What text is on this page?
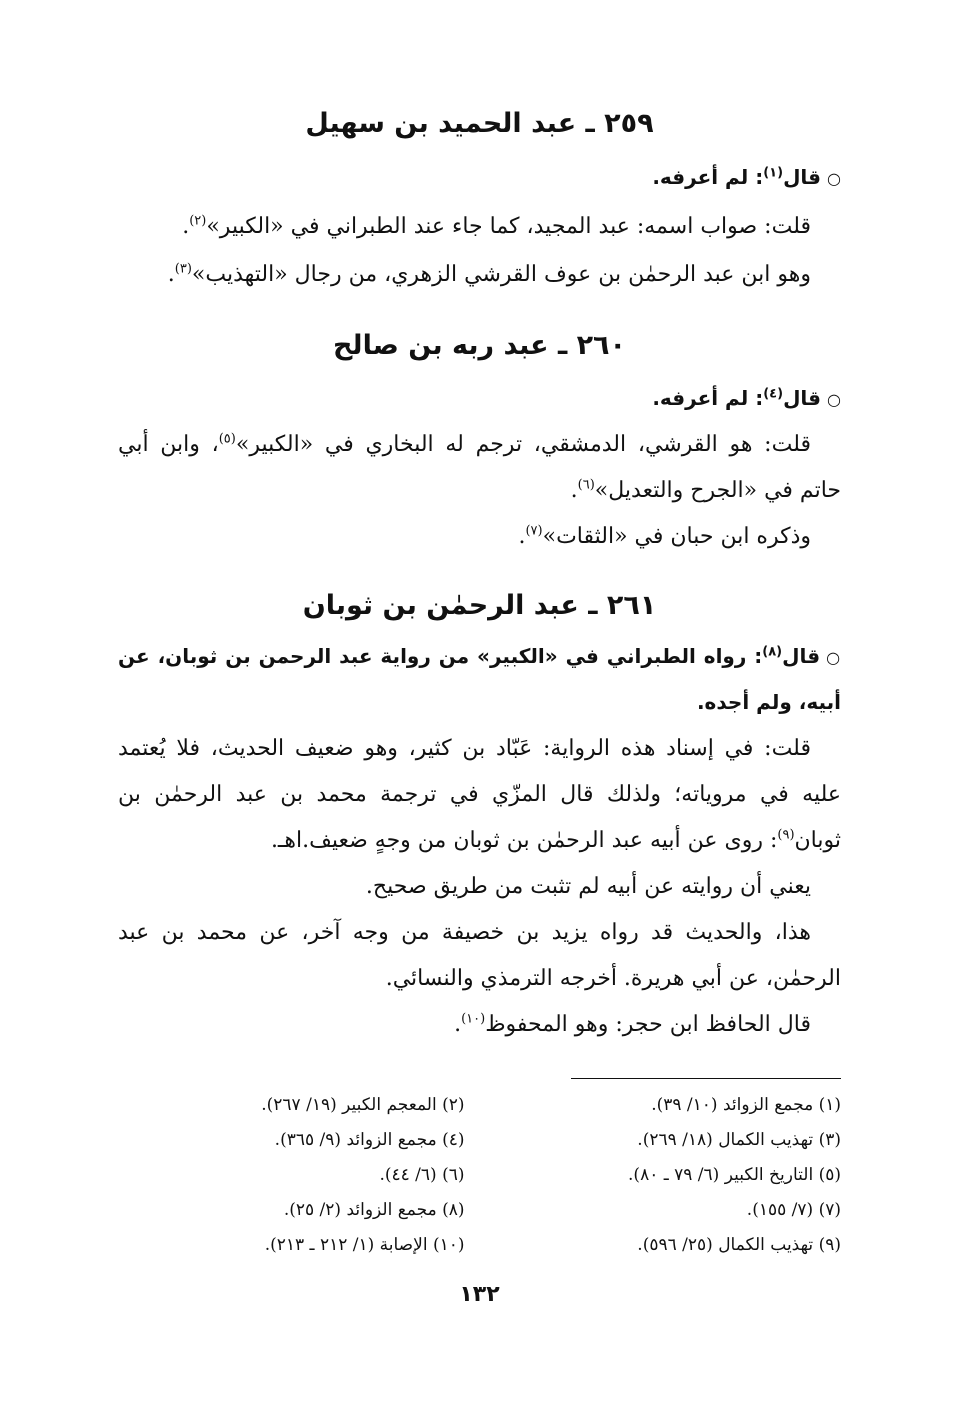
٢٥٩ ـ عبد الحميد بن سهيل
○قال$^{(١)}$: لم أعرفه.
قلت: صواب اسمه: عبد المجيد، كما جاء عند الطبراني في «الكبير»$^{(٢)}$.
وهو ابن عبد الرحمٰن بن عوف القرشي الزهري، من رجال «التهذيب»$^{(٣)}$.
٢٦٠ ـ عبد ربه بن صالح
○قال$^{(٤)}$: لم أعرفه.
قلت: هو القرشي، الدمشقي، ترجم له البخاري في «الكبير»$^{(٥)}$، وابن أبي حاتم في «الجرح والتعديل»$^{(٦)}$.
وذكره ابن حبان في «الثقات»$^{(٧)}$.
٢٦١ ـ عبد الرحمٰن بن ثوبان
○قال$^{(٨)}$: رواه الطبراني في «الكبير» من رواية عبد الرحمن بن ثوبان، عن أبيه، ولم أجده.
قلت: في إسناد هذه الرواية: عَبّاد بن كثير، وهو ضعيف الحديث، فلا يُعتمد عليه في مروياته؛ ولذلك قال المزّي في ترجمة محمد بن عبد الرحمٰن بن ثوبان$^{(٩)}$: روى عن أبيه عبد الرحمٰن بن ثوبان من وجهٍ ضعيف.اهـ.
يعني أن روايته عن أبيه لم تثبت من طريق صحيح.
هذا، والحديث قد رواه يزيد بن خصيفة من وجه آخر، عن محمد بن عبد الرحمٰن، عن أبي هريرة. أخرجه الترمذي والنسائي.
قال الحافظ ابن حجر: وهو المحفوظ$^{(١٠)}$.
(١) مجمع الزوائد (١٠/ ٣٩).
(٢) المعجم الكبير (١٩/ ٢٦٧).
(٣) تهذيب الكمال (١٨/ ٢٦٩).
(٤) مجمع الزوائد (٩/ ٣٦٥).
(٥) التاريخ الكبير (٦/ ٧٩ ـ ٨٠).
(٦) (٦/ ٤٤).
(٧) (٧/ ١٥٥).
(٨) مجمع الزوائد (٢/ ٢٥).
(٩) تهذيب الكمال (٢٥/ ٥٩٦).
(١٠) الإصابة (١/ ٢١٢ ـ ٢١٣).
١٣٢
